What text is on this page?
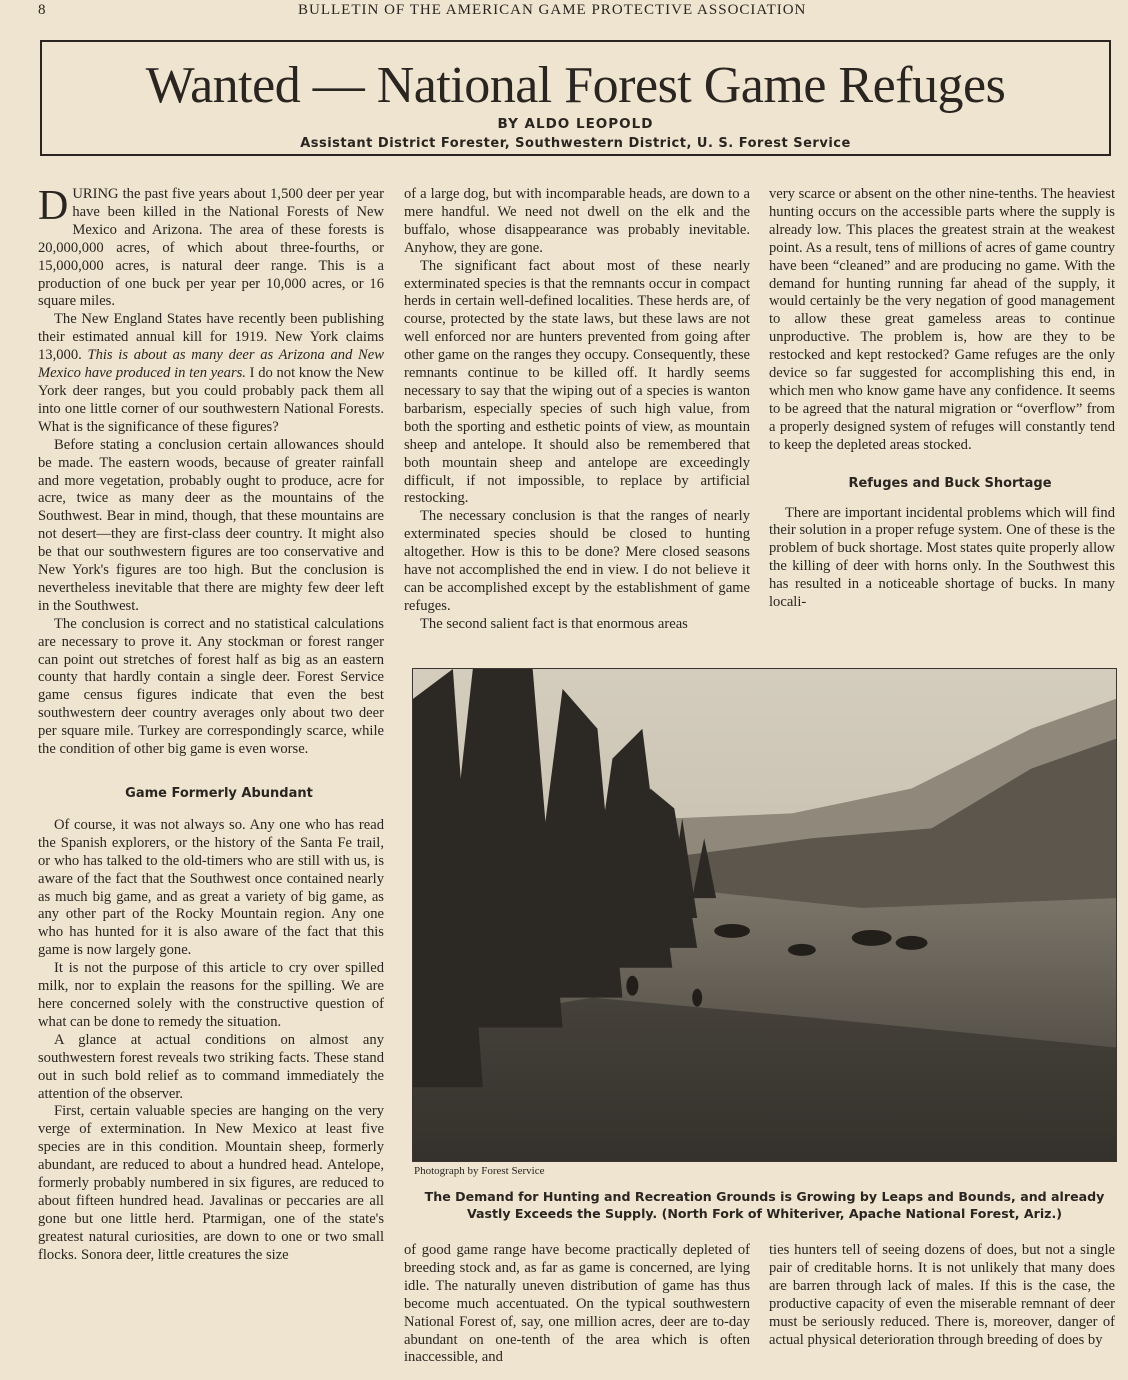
8	BULLETIN OF THE AMERICAN GAME PROTECTIVE ASSOCIATION
Wanted — National Forest Game Refuges
BY ALDO LEOPOLD
Assistant District Forester, Southwestern District, U. S. Forest Service

DURING the past five years about 1,500 deer per year have been killed in the National Forests of New Mexico and Arizona. The area of these forests is 20,000,000 acres, of which about three-fourths, or 15,000,000 acres, is natural deer range. This is a production of one buck per year per 10,000 acres, or 16 square miles.

The New England States have recently been publishing their estimated annual kill for 1919. New York claims 13,000. This is about as many deer as Arizona and New Mexico have produced in ten years. I do not know the New York deer ranges, but you could probably pack them all into one little corner of our southwestern National Forests. What is the significance of these figures?

Before stating a conclusion certain allowances should be made. The eastern woods, because of greater rainfall and more vegetation, probably ought to produce, acre for acre, twice as many deer as the mountains of the Southwest. Bear in mind, though, that these mountains are not desert—they are first-class deer country. It might also be that our southwestern figures are too conservative and New York's figures are too high. But the conclusion is nevertheless inevitable that there are mighty few deer left in the Southwest.

The conclusion is correct and no statistical calculations are necessary to prove it. Any stockman or forest ranger can point out stretches of forest half as big as an eastern county that hardly contain a single deer. Forest Service game census figures indicate that even the best southwestern deer country averages only about two deer per square mile. Turkey are correspondingly scarce, while the condition of other big game is even worse.

Game Formerly Abundant

Of course, it was not always so. Any one who has read the Spanish explorers, or the history of the Santa Fe trail, or who has talked to the old-timers who are still with us, is aware of the fact that the Southwest once contained nearly as much big game, and as great a variety of big game, as any other part of the Rocky Mountain region. Any one who has hunted for it is also aware of the fact that this game is now largely gone.

It is not the purpose of this article to cry over spilled milk, nor to explain the reasons for the spilling. We are here concerned solely with the constructive question of what can be done to remedy the situation.

A glance at actual conditions on almost any southwestern forest reveals two striking facts. These stand out in such bold relief as to command immediately the attention of the observer.

First, certain valuable species are hanging on the very verge of extermination. In New Mexico at least five species are in this condition. Mountain sheep, formerly abundant, are reduced to about a hundred head. Antelope, formerly probably numbered in six figures, are reduced to about fifteen hundred head. Javalinas or peccaries are all gone but one little herd. Ptarmigan, one of the state's greatest natural curiosities, are down to one or two small flocks. Sonora deer, little creatures the size

of a large dog, but with incomparable heads, are down to a mere handful. We need not dwell on the elk and the buffalo, whose disappearance was probably inevitable. Anyhow, they are gone.

The significant fact about most of these nearly exterminated species is that the remnants occur in compact herds in certain well-defined localities. These herds are, of course, protected by the state laws, but these laws are not well enforced nor are hunters prevented from going after other game on the ranges they occupy. Consequently, these remnants continue to be killed off. It hardly seems necessary to say that the wiping out of a species is wanton barbarism, especially species of such high value, from both the sporting and esthetic points of view, as mountain sheep and antelope. It should also be remembered that both mountain sheep and antelope are exceedingly difficult, if not impossible, to replace by artificial restocking.

The necessary conclusion is that the ranges of nearly exterminated species should be closed to hunting altogether. How is this to be done? Mere closed seasons have not accomplished the end in view. I do not believe it can be accomplished except by the establishment of game refuges.

The second salient fact is that enormous areas

very scarce or absent on the other nine-tenths. The heaviest hunting occurs on the accessible parts where the supply is already low. This places the greatest strain at the weakest point. As a result, tens of millions of acres of game country have been “cleaned” and are producing no game. With the demand for hunting running far ahead of the supply, it would certainly be the very negation of good management to allow these great gameless areas to continue unproductive. The problem is, how are they to be restocked and kept restocked? Game refuges are the only device so far suggested for accomplishing this end, in which men who know game have any confidence. It seems to be agreed that the natural migration or “overflow” from a properly designed system of refuges will constantly tend to keep the depleted areas stocked.

Refuges and Buck Shortage

There are important incidental problems which will find their solution in a proper refuge system. One of these is the problem of buck shortage. Most states quite properly allow the killing of deer with horns only. In the Southwest this has resulted in a noticeable shortage of bucks. In many locali-

Photograph by Forest Service
The Demand for Hunting and Recreation Grounds is Growing by Leaps and Bounds, and already Vastly Exceeds the Supply. (North Fork of Whiteriver, Apache National Forest, Ariz.)

of good game range have become practically depleted of breeding stock and, as far as game is concerned, are lying idle. The naturally uneven distribution of game has thus become much accentuated. On the typical southwestern National Forest of, say, one million acres, deer are to-day abundant on one-tenth of the area which is often inaccessible, and

ties hunters tell of seeing dozens of does, but not a single pair of creditable horns. It is not unlikely that many does are barren through lack of males. If this is the case, the productive capacity of even the miserable remnant of deer must be seriously reduced. There is, moreover, danger of actual physical deterioration through breeding of does by
